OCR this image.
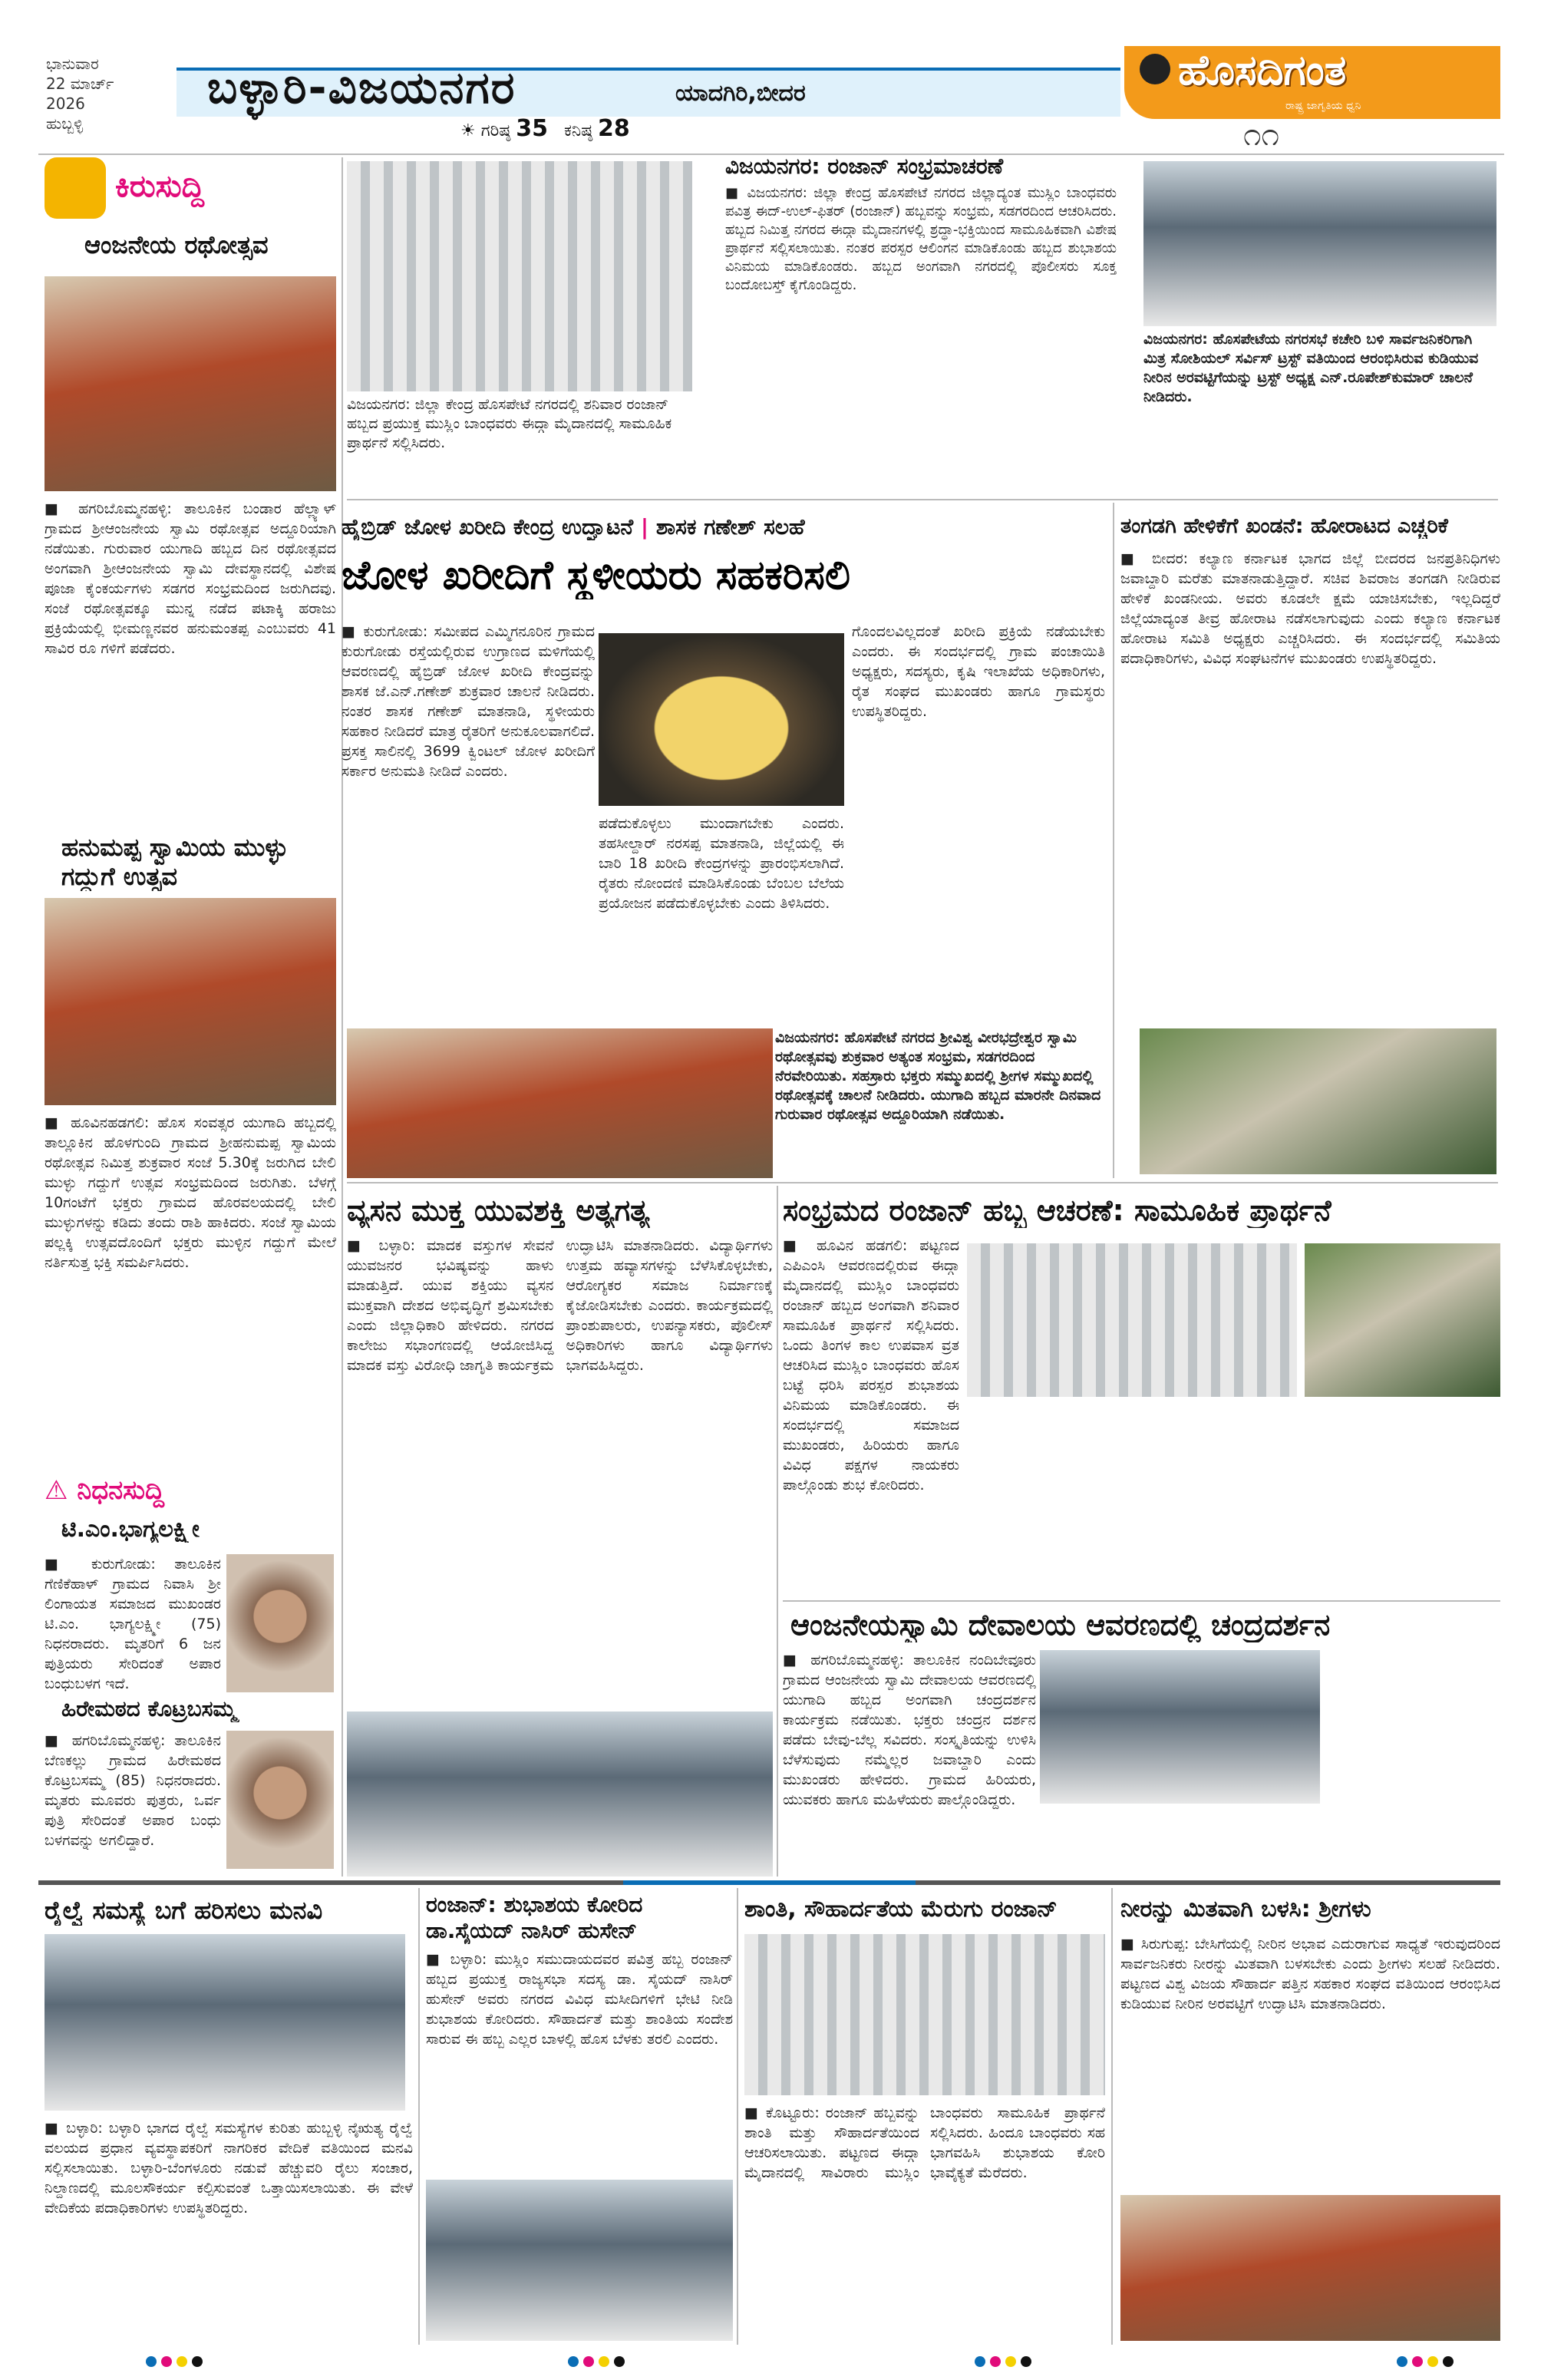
ಭಾನುವಾರ
22 ಮಾರ್ಚ್ 2026
ಹುಬ್ಬಳ್ಳಿ
ಬಳ್ಳಾರಿ-ವಿಜಯನಗರ	ಯಾದಗಿರಿ,ಬೀದರ
☀ ಗರಿಷ್ಠ 35 ಕನಿಷ್ಠ 28
ಹೊಸದಿಗಂತ
ರಾಷ್ಟ್ರ ಜಾಗೃತಿಯ ಧ್ವನಿ
೧೧
ಕಿರುಸುದ್ದಿ
ಆಂಜನೇಯ ರಥೋತ್ಸವ
■ ಹಗರಿಬೊಮ್ಮನಹಳ್ಳಿ: ತಾಲೂಕಿನ ಬಂಡಾರ ಹೆಲ್ಲ್ಯಾಳ್ ಗ್ರಾಮದ ಶ್ರೀಆಂಜನೇಯ ಸ್ವಾಮಿ ರಥೋತ್ಸವ ಅದ್ದೂರಿಯಾಗಿ ನಡೆಯಿತು. ಗುರುವಾರ ಯುಗಾದಿ ಹಬ್ಬದ ದಿನ ರಥೋತ್ಸವದ ಅಂಗವಾಗಿ ಶ್ರೀಆಂಜನೇಯ ಸ್ವಾಮಿ ದೇವಸ್ಥಾನದಲ್ಲಿ ವಿಶೇಷ ಪೂಜಾ ಕೈಂಕರ್ಯಗಳು ಸಡಗರ ಸಂಭ್ರಮದಿಂದ ಜರುಗಿದವು. ಸಂಜೆ ರಥೋತ್ಸವಕ್ಕೂ ಮುನ್ನ ನಡೆದ ಪಟಾಕ್ಕಿ ಹರಾಜು ಪ್ರಕ್ರಿಯೆಯಲ್ಲಿ ಭೀಮಣ್ಣನವರ ಹನುಮಂತಪ್ಪ ಎಂಬುವರು 41 ಸಾವಿರ ರೂ ಗಳಿಗೆ ಪಡೆದರು.
ಹನುಮಪ್ಪ ಸ್ವಾಮಿಯ ಮುಳ್ಳು ಗದ್ದುಗೆ ಉತ್ಸವ
■ ಹೂವಿನಹಡಗಲಿ: ಹೊಸ ಸಂವತ್ಸರ ಯುಗಾದಿ ಹಬ್ಬದಲ್ಲಿ ತಾಲ್ಲೂಕಿನ ಹೊಳಗುಂದಿ ಗ್ರಾಮದ ಶ್ರೀಹನುಮಪ್ಪ ಸ್ವಾಮಿಯ ರಥೋತ್ಸವ ನಿಮಿತ್ತ ಶುಕ್ರವಾರ ಸಂಜೆ 5.30ಕ್ಕೆ ಜರುಗಿದ ಬೇಲಿ ಮುಳ್ಳು ಗದ್ದುಗೆ ಉತ್ಸವ ಸಂಭ್ರಮದಿಂದ ಜರುಗಿತು. ಬೆಳಗ್ಗೆ 10ಗಂಟೆಗೆ ಭಕ್ತರು ಗ್ರಾಮದ ಹೊರವಲಯದಲ್ಲಿ ಬೇಲಿ ಮುಳ್ಳುಗಳನ್ನು ಕಡಿದು ತಂದು ರಾಶಿ ಹಾಕಿದರು. ಸಂಜೆ ಸ್ವಾಮಿಯ ಪಲ್ಲಕ್ಕಿ ಉತ್ಸವದೊಂದಿಗೆ ಭಕ್ತರು ಮುಳ್ಳಿನ ಗದ್ದುಗೆ ಮೇಲೆ ನರ್ತಿಸುತ್ತ ಭಕ್ತಿ ಸಮರ್ಪಿಸಿದರು.
⚠ ನಿಧನಸುದ್ದಿ
ಟಿ.ಎಂ.ಭಾಗ್ಯಲಕ್ಷ್ಮೀ
■ ಕುರುಗೋಡು: ತಾಲೂಕಿನ ಗೆಣಿಕೆಹಾಳ್ ಗ್ರಾಮದ ನಿವಾಸಿ ಶ್ರೀ ಲಿಂಗಾಯತ ಸಮಾಜದ ಮುಖಂಡರ ಟಿ.ಎಂ. ಭಾಗ್ಯಲಕ್ಷ್ಮೀ (75) ನಿಧನರಾದರು. ಮೃತರಿಗೆ 6 ಜನ ಪುತ್ರಿಯರು ಸೇರಿದಂತೆ ಅಪಾರ ಬಂಧುಬಳಗ ಇದೆ.
ಹಿರೇಮಠದ ಕೊಟ್ರಬಸಮ್ಮ
■ ಹಗರಿಬೊಮ್ಮನಹಳ್ಳಿ: ತಾಲೂಕಿನ ಬೆಣಕಲ್ಲು ಗ್ರಾಮದ ಹಿರೇಮಠದ ಕೊಟ್ರಬಸಮ್ಮ (85) ನಿಧನರಾದರು. ಮೃತರು ಮೂವರು ಪುತ್ರರು, ಒರ್ವ ಪುತ್ರಿ ಸೇರಿದಂತೆ ಅಪಾರ ಬಂಧು ಬಳಗವನ್ನು ಅಗಲಿದ್ದಾರೆ.
ವಿಜಯನಗರ: ಜಿಲ್ಲಾ ಕೇಂದ್ರ ಹೊಸಪೇಟೆ ನಗರದಲ್ಲಿ ಶನಿವಾರ ರಂಜಾನ್ ಹಬ್ಬದ ಪ್ರಯುಕ್ತ ಮುಸ್ಲಿಂ ಬಾಂಧವರು ಈದ್ಗಾ ಮೈದಾನದಲ್ಲಿ ಸಾಮೂಹಿಕ ಪ್ರಾರ್ಥನೆ ಸಲ್ಲಿಸಿದರು.
ವಿಜಯನಗರ: ರಂಜಾನ್ ಸಂಭ್ರಮಾಚರಣೆ
■ ವಿಜಯನಗರ: ಜಿಲ್ಲಾ ಕೇಂದ್ರ ಹೊಸಪೇಟೆ ನಗರದ ಜಿಲ್ಲಾದ್ಯಂತ ಮುಸ್ಲಿಂ ಬಾಂಧವರು ಪವಿತ್ರ ಈದ್-ಉಲ್-ಫಿತರ್ (ರಂಜಾನ್) ಹಬ್ಬವನ್ನು ಸಂಭ್ರಮ, ಸಡಗರದಿಂದ ಆಚರಿಸಿದರು. ಹಬ್ಬದ ನಿಮಿತ್ತ ನಗರದ ಈದ್ಗಾ ಮೈದಾನಗಳಲ್ಲಿ ಶ್ರದ್ಧಾ-ಭಕ್ತಿಯಿಂದ ಸಾಮೂಹಿಕವಾಗಿ ವಿಶೇಷ ಪ್ರಾರ್ಥನೆ ಸಲ್ಲಿಸಲಾಯಿತು. ನಂತರ ಪರಸ್ಪರ ಆಲಿಂಗನ ಮಾಡಿಕೊಂಡು ಹಬ್ಬದ ಶುಭಾಶಯ ವಿನಿಮಯ ಮಾಡಿಕೊಂಡರು. ಹಬ್ಬದ ಅಂಗವಾಗಿ ನಗರದಲ್ಲಿ ಪೊಲೀಸರು ಸೂಕ್ತ ಬಂದೋಬಸ್ತ್ ಕೈಗೊಂಡಿದ್ದರು.
ವಿಜಯನಗರ: ಹೊಸಪೇಟೆಯ ನಗರಸಭೆ ಕಚೇರಿ ಬಳಿ ಸಾರ್ವಜನಿಕರಿಗಾಗಿ ಮಿತ್ರ ಸೋಶಿಯಲ್ ಸರ್ವಿಸ್ ಟ್ರಸ್ಟ್ ವತಿಯಿಂದ ಆರಂಭಿಸಿರುವ ಕುಡಿಯುವ ನೀರಿನ ಅರವಟ್ಟಿಗೆಯನ್ನು ಟ್ರಸ್ಟ್ ಅಧ್ಯಕ್ಷ ಎನ್.ರೂಪೇಶ್‌ಕುಮಾರ್ ಚಾಲನೆ ನೀಡಿದರು.
ಹೈಬ್ರಿಡ್ ಜೋಳ ಖರೀದಿ ಕೇಂದ್ರ ಉದ್ಘಾಟನೆ | ಶಾಸಕ ಗಣೇಶ್ ಸಲಹೆ
ಜೋಳ ಖರೀದಿಗೆ ಸ್ಥಳೀಯರು ಸಹಕರಿಸಲಿ
■ ಕುರುಗೋಡು: ಸಮೀಪದ ಎಮ್ಮಿಗನೂರಿನ ಗ್ರಾಮದ ಕುರುಗೋಡು ರಸ್ತೆಯಲ್ಲಿರುವ ಉಗ್ರಾಣದ ಮಳಿಗೆಯಲ್ಲಿ ಆವರಣದಲ್ಲಿ ಹೈಬ್ರಿಡ್ ಜೋಳ ಖರೀದಿ ಕೇಂದ್ರವನ್ನು ಶಾಸಕ ಜೆ.ಎನ್.ಗಣೇಶ್ ಶುಕ್ರವಾರ ಚಾಲನೆ ನೀಡಿದರು. ನಂತರ ಶಾಸಕ ಗಣೇಶ್ ಮಾತನಾಡಿ, ಸ್ಥಳೀಯರು ಸಹಕಾರ ನೀಡಿದರೆ ಮಾತ್ರ ರೈತರಿಗೆ ಅನುಕೂಲವಾಗಲಿದೆ. ಪ್ರಸಕ್ತ ಸಾಲಿನಲ್ಲಿ 3699 ಕ್ವಿಂಟಲ್ ಜೋಳ ಖರೀದಿಗೆ ಸರ್ಕಾರ ಅನುಮತಿ ನೀಡಿದೆ ಎಂದರು.
ಪಡೆದುಕೊಳ್ಳಲು ಮುಂದಾಗಬೇಕು ಎಂದರು. ತಹಸೀಲ್ದಾರ್ ನರಸಪ್ಪ ಮಾತನಾಡಿ, ಜಿಲ್ಲೆಯಲ್ಲಿ ಈ ಬಾರಿ 18 ಖರೀದಿ ಕೇಂದ್ರಗಳನ್ನು ಪ್ರಾರಂಭಿಸಲಾಗಿದೆ. ರೈತರು ನೋಂದಣಿ ಮಾಡಿಸಿಕೊಂಡು ಬೆಂಬಲ ಬೆಲೆಯ ಪ್ರಯೋಜನ ಪಡೆದುಕೊಳ್ಳಬೇಕು ಎಂದು ತಿಳಿಸಿದರು.
ಗೊಂದಲವಿಲ್ಲದಂತೆ ಖರೀದಿ ಪ್ರಕ್ರಿಯೆ ನಡೆಯಬೇಕು ಎಂದರು. ಈ ಸಂದರ್ಭದಲ್ಲಿ ಗ್ರಾಮ ಪಂಚಾಯಿತಿ ಅಧ್ಯಕ್ಷರು, ಸದಸ್ಯರು, ಕೃಷಿ ಇಲಾಖೆಯ ಅಧಿಕಾರಿಗಳು, ರೈತ ಸಂಘದ ಮುಖಂಡರು ಹಾಗೂ ಗ್ರಾಮಸ್ಥರು ಉಪಸ್ಥಿತರಿದ್ದರು.
ವಿಜಯನಗರ: ಹೊಸಪೇಟೆ ನಗರದ ಶ್ರೀವಿಶ್ವ ವೀರಭದ್ರೇಶ್ವರ ಸ್ವಾಮಿ ರಥೋತ್ಸವವು ಶುಕ್ರವಾರ ಅತ್ಯಂತ ಸಂಭ್ರಮ, ಸಡಗರದಿಂದ ನೆರವೇರಿಯಿತು. ಸಹಸ್ರಾರು ಭಕ್ತರು ಸಮ್ಮುಖದಲ್ಲಿ ಶ್ರೀಗಳ ಸಮ್ಮುಖದಲ್ಲಿ ರಥೋತ್ಸವಕ್ಕೆ ಚಾಲನೆ ನೀಡಿದರು. ಯುಗಾದಿ ಹಬ್ಬದ ಮಾರನೇ ದಿನವಾದ ಗುರುವಾರ ರಥೋತ್ಸವ ಅದ್ದೂರಿಯಾಗಿ ನಡೆಯಿತು.
ತಂಗಡಗಿ ಹೇಳಿಕೆಗೆ ಖಂಡನೆ: ಹೋರಾಟದ ಎಚ್ಚರಿಕೆ
■ ಬೀದರ: ಕಲ್ಯಾಣ ಕರ್ನಾಟಕ ಭಾಗದ ಜಿಲ್ಲೆ ಬೀದರದ ಜನಪ್ರತಿನಿಧಿಗಳು ಜವಾಬ್ದಾರಿ ಮರೆತು ಮಾತನಾಡುತ್ತಿದ್ದಾರೆ. ಸಚಿವ ಶಿವರಾಜ ತಂಗಡಗಿ ನೀಡಿರುವ ಹೇಳಿಕೆ ಖಂಡನೀಯ. ಅವರು ಕೂಡಲೇ ಕ್ಷಮೆ ಯಾಚಿಸಬೇಕು, ಇಲ್ಲದಿದ್ದರೆ ಜಿಲ್ಲೆಯಾದ್ಯಂತ ತೀವ್ರ ಹೋರಾಟ ನಡೆಸಲಾಗುವುದು ಎಂದು ಕಲ್ಯಾಣ ಕರ್ನಾಟಕ ಹೋರಾಟ ಸಮಿತಿ ಅಧ್ಯಕ್ಷರು ಎಚ್ಚರಿಸಿದರು. ಈ ಸಂದರ್ಭದಲ್ಲಿ ಸಮಿತಿಯ ಪದಾಧಿಕಾರಿಗಳು, ವಿವಿಧ ಸಂಘಟನೆಗಳ ಮುಖಂಡರು ಉಪಸ್ಥಿತರಿದ್ದರು.
ವ್ಯಸನ ಮುಕ್ತ ಯುವಶಕ್ತಿ ಅತ್ಯಗತ್ಯ
■ ಬಳ್ಳಾರಿ: ಮಾದಕ ವಸ್ತುಗಳ ಸೇವನೆ ಯುವಜನರ ಭವಿಷ್ಯವನ್ನು ಹಾಳು ಮಾಡುತ್ತಿದೆ. ಯುವ ಶಕ್ತಿಯು ವ್ಯಸನ ಮುಕ್ತವಾಗಿ ದೇಶದ ಅಭಿವೃದ್ಧಿಗೆ ಶ್ರಮಿಸಬೇಕು ಎಂದು ಜಿಲ್ಲಾಧಿಕಾರಿ ಹೇಳಿದರು. ನಗರದ ಕಾಲೇಜು ಸಭಾಂಗಣದಲ್ಲಿ ಆಯೋಜಿಸಿದ್ದ ಮಾದಕ ವಸ್ತು ವಿರೋಧಿ ಜಾಗೃತಿ ಕಾರ್ಯಕ್ರಮ ಉದ್ಘಾಟಿಸಿ ಮಾತನಾಡಿದರು. ವಿದ್ಯಾರ್ಥಿಗಳು ಉತ್ತಮ ಹವ್ಯಾಸಗಳನ್ನು ಬೆಳೆಸಿಕೊಳ್ಳಬೇಕು, ಆರೋಗ್ಯಕರ ಸಮಾಜ ನಿರ್ಮಾಣಕ್ಕೆ ಕೈಜೋಡಿಸಬೇಕು ಎಂದರು. ಕಾರ್ಯಕ್ರಮದಲ್ಲಿ ಪ್ರಾಂಶುಪಾಲರು, ಉಪನ್ಯಾಸಕರು, ಪೊಲೀಸ್ ಅಧಿಕಾರಿಗಳು ಹಾಗೂ ವಿದ್ಯಾರ್ಥಿಗಳು ಭಾಗವಹಿಸಿದ್ದರು.
ಸಂಭ್ರಮದ ರಂಜಾನ್ ಹಬ್ಬ ಆಚರಣೆ: ಸಾಮೂಹಿಕ ಪ್ರಾರ್ಥನೆ
■ ಹೂವಿನ ಹಡಗಲಿ: ಪಟ್ಟಣದ ಎಪಿಎಂಸಿ ಆವರಣದಲ್ಲಿರುವ ಈದ್ಗಾ ಮೈದಾನದಲ್ಲಿ ಮುಸ್ಲಿಂ ಬಾಂಧವರು ರಂಜಾನ್ ಹಬ್ಬದ ಅಂಗವಾಗಿ ಶನಿವಾರ ಸಾಮೂಹಿಕ ಪ್ರಾರ್ಥನೆ ಸಲ್ಲಿಸಿದರು. ಒಂದು ತಿಂಗಳ ಕಾಲ ಉಪವಾಸ ವ್ರತ ಆಚರಿಸಿದ ಮುಸ್ಲಿಂ ಬಾಂಧವರು ಹೊಸ ಬಟ್ಟೆ ಧರಿಸಿ ಪರಸ್ಪರ ಶುಭಾಶಯ ವಿನಿಮಯ ಮಾಡಿಕೊಂಡರು. ಈ ಸಂದರ್ಭದಲ್ಲಿ ಸಮಾಜದ ಮುಖಂಡರು, ಹಿರಿಯರು ಹಾಗೂ ವಿವಿಧ ಪಕ್ಷಗಳ ನಾಯಕರು ಪಾಲ್ಗೊಂಡು ಶುಭ ಕೋರಿದರು.
ಆಂಜನೇಯಸ್ವಾಮಿ ದೇವಾಲಯ ಆವರಣದಲ್ಲಿ ಚಂದ್ರದರ್ಶನ
■ ಹಗರಿಬೊಮ್ಮನಹಳ್ಳಿ: ತಾಲೂಕಿನ ನಂದಿಬೇವೂರು ಗ್ರಾಮದ ಆಂಜನೇಯ ಸ್ವಾಮಿ ದೇವಾಲಯ ಆವರಣದಲ್ಲಿ ಯುಗಾದಿ ಹಬ್ಬದ ಅಂಗವಾಗಿ ಚಂದ್ರದರ್ಶನ ಕಾರ್ಯಕ್ರಮ ನಡೆಯಿತು. ಭಕ್ತರು ಚಂದ್ರನ ದರ್ಶನ ಪಡೆದು ಬೇವು-ಬೆಲ್ಲ ಸವಿದರು. ಸಂಸ್ಕೃತಿಯನ್ನು ಉಳಿಸಿ ಬೆಳೆಸುವುದು ನಮ್ಮೆಲ್ಲರ ಜವಾಬ್ದಾರಿ ಎಂದು ಮುಖಂಡರು ಹೇಳಿದರು. ಗ್ರಾಮದ ಹಿರಿಯರು, ಯುವಕರು ಹಾಗೂ ಮಹಿಳೆಯರು ಪಾಲ್ಗೊಂಡಿದ್ದರು.
ರೈಲ್ವೆ ಸಮಸ್ಯೆ ಬಗೆ ಹರಿಸಲು ಮನವಿ
■ ಬಳ್ಳಾರಿ: ಬಳ್ಳಾರಿ ಭಾಗದ ರೈಲ್ವೆ ಸಮಸ್ಯೆಗಳ ಕುರಿತು ಹುಬ್ಬಳ್ಳಿ ನೈಋತ್ಯ ರೈಲ್ವೆ ವಲಯದ ಪ್ರಧಾನ ವ್ಯವಸ್ಥಾಪಕರಿಗೆ ನಾಗರಿಕರ ವೇದಿಕೆ ವತಿಯಿಂದ ಮನವಿ ಸಲ್ಲಿಸಲಾಯಿತು. ಬಳ್ಳಾರಿ-ಬೆಂಗಳೂರು ನಡುವೆ ಹೆಚ್ಚುವರಿ ರೈಲು ಸಂಚಾರ, ನಿಲ್ದಾಣದಲ್ಲಿ ಮೂಲಸೌಕರ್ಯ ಕಲ್ಪಿಸುವಂತೆ ಒತ್ತಾಯಿಸಲಾಯಿತು. ಈ ವೇಳೆ ವೇದಿಕೆಯ ಪದಾಧಿಕಾರಿಗಳು ಉಪಸ್ಥಿತರಿದ್ದರು.
ರಂಜಾನ್: ಶುಭಾಶಯ ಕೋರಿದ ಡಾ.ಸೈಯದ್ ನಾಸಿರ್ ಹುಸೇನ್
■ ಬಳ್ಳಾರಿ: ಮುಸ್ಲಿಂ ಸಮುದಾಯದವರ ಪವಿತ್ರ ಹಬ್ಬ ರಂಜಾನ್ ಹಬ್ಬದ ಪ್ರಯುಕ್ತ ರಾಜ್ಯಸಭಾ ಸದಸ್ಯ ಡಾ. ಸೈಯದ್ ನಾಸಿರ್ ಹುಸೇನ್ ಅವರು ನಗರದ ವಿವಿಧ ಮಸೀದಿಗಳಿಗೆ ಭೇಟಿ ನೀಡಿ ಶುಭಾಶಯ ಕೋರಿದರು. ಸೌಹಾರ್ದತೆ ಮತ್ತು ಶಾಂತಿಯ ಸಂದೇಶ ಸಾರುವ ಈ ಹಬ್ಬ ಎಲ್ಲರ ಬಾಳಲ್ಲಿ ಹೊಸ ಬೆಳಕು ತರಲಿ ಎಂದರು.
ಶಾಂತಿ, ಸೌಹಾರ್ದತೆಯ ಮೆರುಗು ರಂಜಾನ್
■ ಕೊಟ್ಟೂರು: ರಂಜಾನ್ ಹಬ್ಬವನ್ನು ಶಾಂತಿ ಮತ್ತು ಸೌಹಾರ್ದತೆಯಿಂದ ಆಚರಿಸಲಾಯಿತು. ಪಟ್ಟಣದ ಈದ್ಗಾ ಮೈದಾನದಲ್ಲಿ ಸಾವಿರಾರು ಮುಸ್ಲಿಂ ಬಾಂಧವರು ಸಾಮೂಹಿಕ ಪ್ರಾರ್ಥನೆ ಸಲ್ಲಿಸಿದರು. ಹಿಂದೂ ಬಾಂಧವರು ಸಹ ಭಾಗವಹಿಸಿ ಶುಭಾಶಯ ಕೋರಿ ಭಾವೈಕ್ಯತೆ ಮೆರೆದರು.
ನೀರನ್ನು ಮಿತವಾಗಿ ಬಳಸಿ: ಶ್ರೀಗಳು
■ ಸಿರುಗುಪ್ಪ: ಬೇಸಿಗೆಯಲ್ಲಿ ನೀರಿನ ಅಭಾವ ಎದುರಾಗುವ ಸಾಧ್ಯತೆ ಇರುವುದರಿಂದ ಸಾರ್ವಜನಿಕರು ನೀರನ್ನು ಮಿತವಾಗಿ ಬಳಸಬೇಕು ಎಂದು ಶ್ರೀಗಳು ಸಲಹೆ ನೀಡಿದರು. ಪಟ್ಟಣದ ವಿಶ್ವ ವಿಜಯ ಸೌಹಾರ್ದ ಪತ್ತಿನ ಸಹಕಾರ ಸಂಘದ ವತಿಯಿಂದ ಆರಂಭಿಸಿದ ಕುಡಿಯುವ ನೀರಿನ ಅರವಟ್ಟಿಗೆ ಉದ್ಘಾಟಿಸಿ ಮಾತನಾಡಿದರು.
